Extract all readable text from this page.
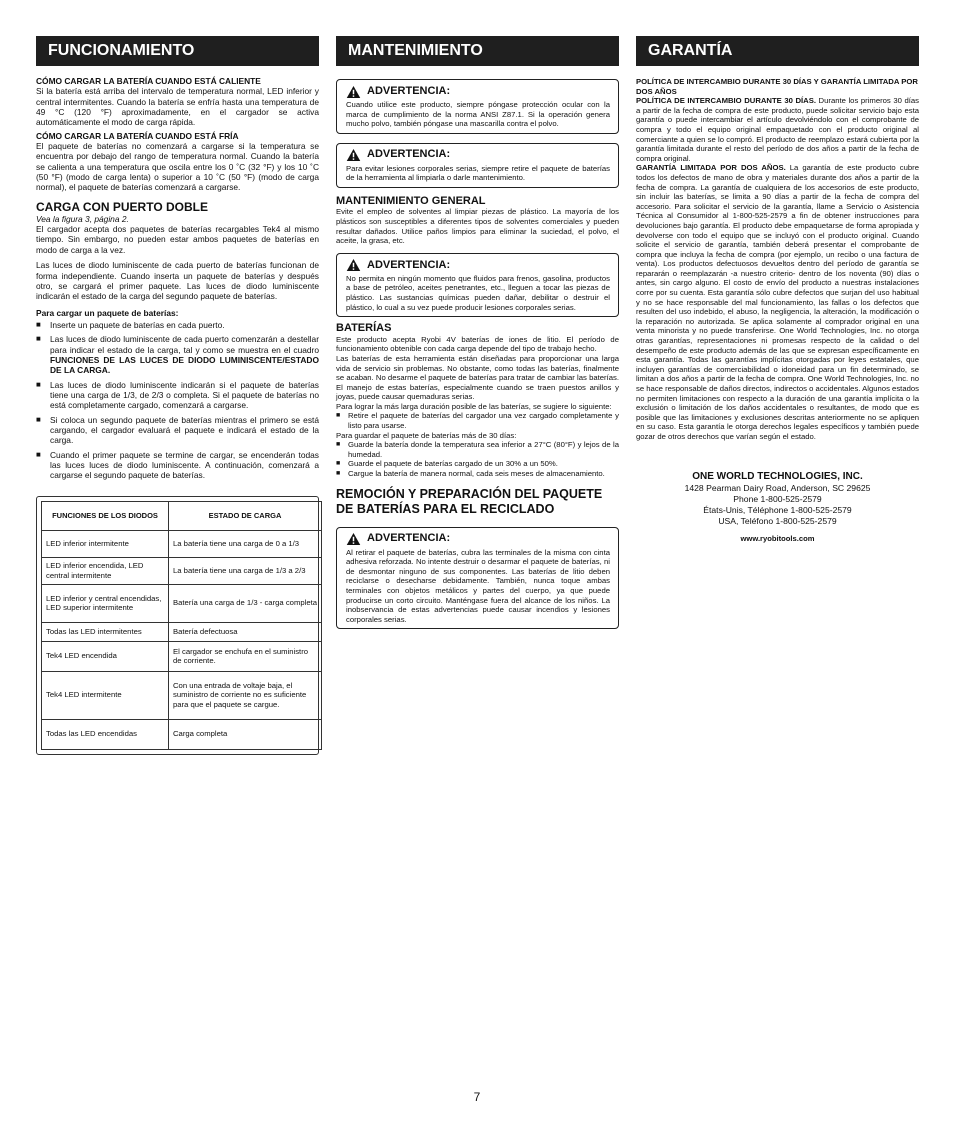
FUNCIONAMIENTO

CÓMO CARGAR LA BATERÍA CUANDO ESTÁ CALIENTE

Si la batería está arriba del intervalo de temperatura normal, LED inferior y central intermitentes. Cuando la batería se enfría hasta una temperatura de 49 °C (120 °F) aproximadamente, en el cargador se activa automáticamente el modo de carga rápida.

CÓMO CARGAR LA BATERÍA CUANDO ESTÁ FRÍA

El paquete de baterías no comenzará a cargarse si la temperatura se encuentra por debajo del rango de temperatura normal. Cuando la batería se calienta a una temperatura que oscila entre los 0 ˚C (32 °F) y los 10 ˚C (50 °F) (modo de carga lenta) o superior a 10 ˚C (50 °F) (modo de carga normal), el paquete de baterías comenzará a cargarse.

CARGA CON PUERTO DOBLE

Vea la figura 3, página 2.

El cargador acepta dos paquetes de baterías recargables Tek4 al mismo tiempo. Sin embargo, no pueden estar ambos paquetes de baterías en modo de carga a la vez.

Las luces de diodo luminiscente de cada puerto de baterías funcionan de forma independiente. Cuando inserta un paquete de baterías y después otro, se cargará el primer paquete. Las luces de diodo luminiscente indicarán el estado de la carga del segundo paquete de baterías.

Para cargar un paquete de baterías:

■ Inserte un paquete de baterías en cada puerto.
■ Las luces de diodo luminiscente de cada puerto comenzarán a destellar para indicar el estado de la carga, tal y como se muestra en el cuadro FUNCIONES DE LAS LUCES DE DIODO LUMINISCENTE/ESTADO DE LA CARGA.
■ Las luces de diodo luminiscente indicarán si el paquete de baterías tiene una carga de 1/3, de 2/3 o completa. Si el paquete de baterías no está completamente cargado, comenzará a cargarse.
■ Si coloca un segundo paquete de baterías mientras el primero se está cargando, el cargador evaluará el paquete e indicará el estado de la carga.
■ Cuando el primer paquete se termine de cargar, se encenderán todas las luces luces de diodo luminiscente. A continuación, comenzará a cargarse el segundo paquete de baterías.
FUNCIONES DE LOS DIODOS	ESTADO DE CARGA
LED inferior intermitente	La batería tiene una carga de 0 a 1/3
LED inferior encendida, LED central intermitente	La batería tiene una carga de 1/3 a 2/3
LED inferior y central encendidas, LED superior intermitente	Batería una carga de 1/3 - carga completa
Todas las LED intermitentes	Batería defectuosa
Tek4 LED encendida	El cargador se enchufa en el suministro de corriente.
Tek4 LED intermitente	Con una entrada de voltaje baja, el suministro de corriente no es suficiente para que el paquete se cargue.
Todas las LED encendidas	Carga completa
MANTENIMIENTO
ADVERTENCIA:

Cuando utilice este producto, siempre póngase protección ocular con la marca de cumplimiento de la norma ANSI Z87.1. Si la operación genera mucho polvo, también póngase una mascarilla contra el polvo.

ADVERTENCIA:

Para evitar lesiones corporales serias, siempre retire el paquete de baterías de la herramienta al limpiarla o darle mantenimiento.

MANTENIMIENTO GENERAL

Evite el empleo de solventes al limpiar piezas de plástico. La mayoría de los plásticos son susceptibles a diferentes tipos de solventes comerciales y pueden resultar dañados. Utilice paños limpios para eliminar la suciedad, el polvo, el aceite, la grasa, etc.

ADVERTENCIA:

No permita en ningún momento que fluidos para frenos, gasolina, productos a base de petróleo, aceites penetrantes, etc., lleguen a tocar las piezas de plástico. Las sustancias químicas pueden dañar, debilitar o destruir el plástico, lo cual a su vez puede producir lesiones corporales serias.

BATERÍAS

Este producto acepta Ryobi 4V baterías de iones de litio. El período de funcionamiento obtenible con cada carga depende del tipo de trabajo hecho.

Las baterías de esta herramienta están diseñadas para proporcionar una larga vida de servicio sin problemas. No obstante, como todas las baterías, finalmente se acaban. No desarme el paquete de baterías para tratar de cambiar las baterías. El manejo de estas baterías, especialmente cuando se traen puestos anillos y joyas, puede causar quemaduras serias.

Para lograr la más larga duración posible de las baterías, se sugiere lo siguiente:

■ Retire el paquete de baterías del cargador una vez cargado completamente y listo para usarse.

Para guardar el paquete de baterías más de 30 días:

■ Guarde la batería donde la temperatura sea inferior a 27°C (80°F) y lejos de la humedad.
■ Guarde el paquete de baterías cargado de un 30% a un 50%.
■ Cargue la batería de manera normal, cada seis meses de almacenamiento.

REMOCIÓN Y PREPARACIÓN DEL PAQUETE DE BATERÍAS PARA EL RECICLADO

ADVERTENCIA:

Al retirar el paquete de baterías, cubra las terminales de la misma con cinta adhesiva reforzada. No intente destruir o desarmar el paquete de baterías, ni de desmontar ninguno de sus componentes. Las baterías de litio deben reciclarse o desecharse debidamente. También, nunca toque ambas terminales con objetos metálicos y partes del cuerpo, ya que puede producirse un corto circuito. Manténgase fuera del alcance de los niños. La inobservancia de estas advertencias puede causar incendios y lesiones corporales serias.

GARANTÍA

POLÍTICA DE INTERCAMBIO DURANTE 30 DÍAS Y GARANTÍA LIMITADA POR DOS AÑOS

POLÍTICA DE INTERCAMBIO DURANTE 30 DÍAS. Durante los primeros 30 días a partir de la fecha de compra de este producto, puede solicitar servicio bajo esta garantía o puede intercambiar el artículo devolviéndolo con el comprobante de compra y todo el equipo original empaquetado con el producto original al comerciante a quien se lo compró. El producto de reemplazo estará cubierta por la garantía limitada durante el resto del período de dos años a partir de la fecha de compra original.

GARANTÍA LIMITADA POR DOS AÑOS. La garantía de este producto cubre todos los defectos de mano de obra y materiales durante dos años a partir de la fecha de compra. La garantía de cualquiera de los accesorios de este producto, sin incluir las baterías, se limita a 90 días a partir de la fecha de compra del accesorio. Para solicitar el servicio de la garantía, llame a Servicio o Asistencia Técnica al Consumidor al 1-800-525-2579 a fin de obtener instrucciones para devoluciones bajo garantía. El producto debe empaquetarse de forma apropiada y devolverse con todo el equipo que se incluyó con el producto original. Cuando solicite el servicio de garantía, también deberá presentar el comprobante de compra que incluya la fecha de compra (por ejemplo, un recibo o una factura de venta). Los productos defectuosos devueltos dentro del período de garantía se repararán o reemplazarán -a nuestro criterio- dentro de los noventa (90) días o antes, sin cargo alguno. El costo de envío del producto a nuestras instalaciones corre por su cuenta. Esta garantía sólo cubre defectos que surjan del uso habitual y no se hace responsable del mal funcionamiento, las fallas o los defectos que resulten del uso indebido, el abuso, la negligencia, la alteración, la modificación o la reparación no autorizada. Se aplica solamente al comprador original en una venta minorista y no puede transferirse. One World Technologies, Inc. no otorga otras garantías, representaciones ni promesas respecto de la calidad o del desempeño de este producto además de las que se expresan específicamente en esta garantía. Todas las garantías implícitas otorgadas por leyes estatales, que incluyen garantías de comerciabilidad o idoneidad para un fin determinado, se limitan a dos años a partir de la fecha de compra. One World Technologies, Inc. no se hace responsable de daños directos, indirectos o accidentales. Algunos estados no permiten limitaciones con respecto a la duración de una garantía implícita o la exclusión o limitación de los daños accidentales o resultantes, de modo que es posible que las limitaciones y exclusiones descritas anteriormente no se apliquen en su caso. Esta garantía le otorga derechos legales específicos y también puede gozar de otros derechos que varían según el estado.

ONE WORLD TECHNOLOGIES, INC.

1428 Pearman Dairy Road, Anderson, SC 29625

Phone 1-800-525-2579

États-Unis, Téléphone 1-800-525-2579

USA, Teléfono 1-800-525-2579

www.ryobitools.com

7
